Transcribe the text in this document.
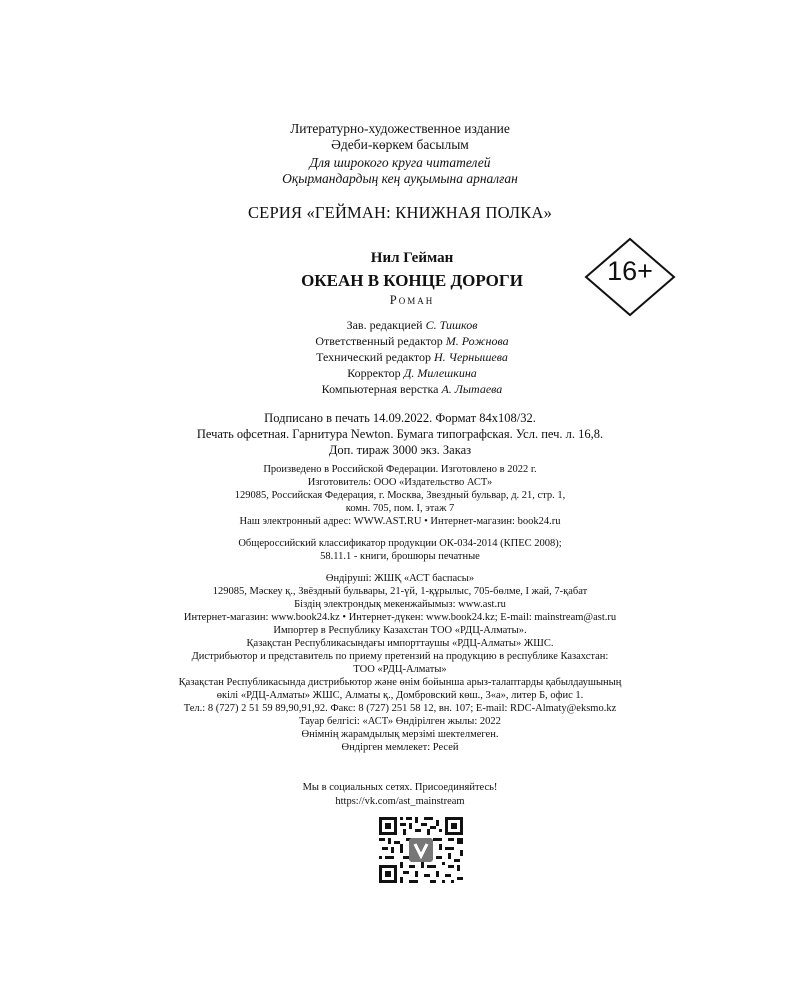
Литературно-художественное издание
Әдеби-көркем басылым
Для широкого круга читателей
Оқырмандардың кең ауқымына арналған
СЕРИЯ «ГЕЙМАН: КНИЖНАЯ ПОЛКА»
Нил Гейман
ОКЕАН В КОНЦЕ ДОРОГИ
Роман
16+
Зав. редакцией С. Тишков
Ответственный редактор М. Рожнова
Технический редактор Н. Чернышева
Корректор Д. Милешкина
Компьютерная верстка А. Лытаева
Подписано в печать 14.09.2022. Формат 84x108/32.
Печать офсетная. Гарнитура Newton. Бумага типографская. Усл. печ. л. 16,8.
Доп. тираж 3000 экз. Заказ
Произведено в Российской Федерации. Изготовлено в 2022 г.
Изготовитель: ООО «Издательство АСТ»
129085, Российская Федерация, г. Москва, Звездный бульвар, д. 21, стр. 1,
комн. 705, пом. I, этаж 7
Наш электронный адрес: WWW.AST.RU • Интернет-магазин: book24.ru
Общероссийский классификатор продукции ОК-034-2014 (КПЕС 2008);
58.11.1 - книги, брошюры печатные
Өндіруші: ЖШҚ «АСТ баспасы»
129085, Мәскеу қ., Звёздный бульвары, 21-үй, 1-құрылыс, 705-бөлме, I жай, 7-қабат
Біздің электрондық мекенжайымыз: www.ast.ru
Интернет-магазин: www.book24.kz • Интернет-дүкен: www.book24.kz; E-mail: mainstream@ast.ru
Импортер в Республику Казахстан ТОО «РДЦ-Алматы».
Қазақстан Республикасындағы импорттаушы «РДЦ-Алматы» ЖШС.
Дистрибьютор и представитель по приему претензий на продукцию в республике Казахстан:
ТОО «РДЦ-Алматы»
Қазақстан Республикасында дистрибьютор және өнім бойынша арыз-талаптарды қабылдаушының
өкілі «РДЦ-Алматы» ЖШС, Алматы қ., Домбровский көш., 3«а», литер Б, офис 1.
Тел.: 8 (727) 2 51 59 89,90,91,92. Факс: 8 (727) 251 58 12, вн. 107; E-mail: RDC-Almaty@eksmo.kz
Тауар белгісі: «АСТ» Өндірілген жылы: 2022
Өнімнің жарамдылық мерзімі шектелмеген.
Өндірген мемлекет: Ресей
Мы в социальных сетях. Присоединяйтесь!
https://vk.com/ast_mainstream
